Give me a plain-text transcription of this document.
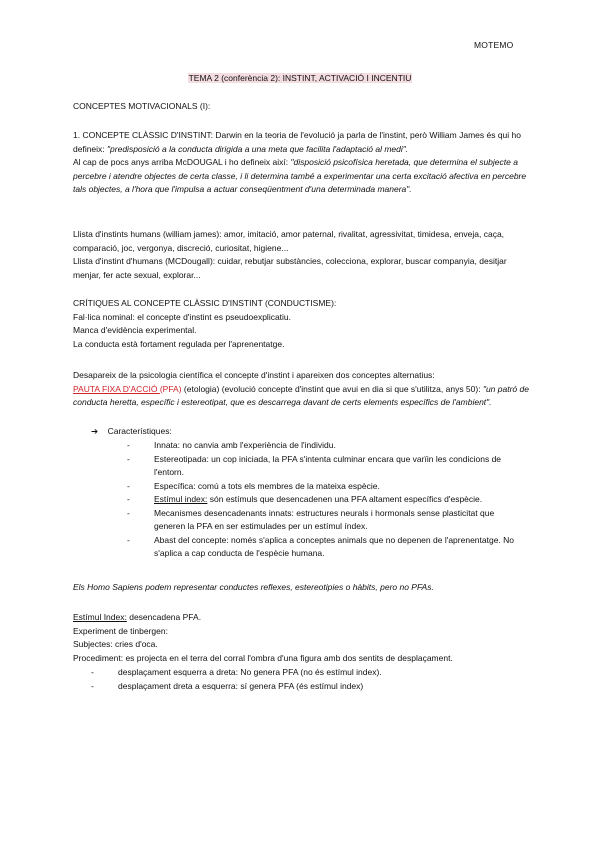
MOTEMO
TEMA 2 (conferència 2): INSTINT, ACTIVACIÓ I INCENTIU
CONCEPTES MOTIVACIONALS (I):

1. CONCEPTE CLÀSSIC D'INSTINT: Darwin en la teoria de l'evolució ja parla de l'instint, però William James és qui ho defineix: "predisposició a la conducta dirigida a una meta que facilita l'adaptació al medi".

Al cap de pocs anys arriba McDOUGAL i ho defineix així: "disposició psicofísica heretada, que determina el subjecte a percebre i atendre objectes de certa classe, i li determina també a experimentar una certa excitació afectiva en percebre tals objectes, a l'hora que l'impulsa a actuar conseqüentment d'una determinada manera".

Llista d'instints humans (william james): amor, imitació, amor paternal, rivalitat, agressivitat, timidesa, enveja, caça, comparació, joc, vergonya, discreció, curiositat, higiene...

Llista d'instint d'humans (MCDougall): cuidar, rebutjar substàncies, colecciona, explorar, buscar companyia, desitjar menjar, fer acte sexual, explorar...

CRÍTIQUES AL CONCEPTE CLÀSSIC D'INSTINT (CONDUCTISME):

Fal·lica nominal: el concepte d'instint es pseudoexplicatiu.

Manca d'evidència experimental.

La conducta està fortament regulada per l'aprenentatge.

Desapareix de la psicologia científica el concepte d'instint i apareixen dos conceptes alternatius:

PAUTA FIXA D'ACCIÓ (PFA) (etologia) (evolució concepte d'instint que avui en dia si que s'utilitza, anys 50): "un patró de conducta heretta, específic i estereotipat, que es descarrega davant de certs elements específics de l'ambient".

➔ Característiques:
- Innata: no canvia amb l'experiència de l'individu.
- Estereotipada: un cop iniciada, la PFA s'intenta culminar encara que varïin les condicions de l'entorn.
- Específica: comú a tots els membres de la mateixa espècie.
- Estímul index: són estímuls que desencadenen una PFA altament específics d'espècie.
- Mecanismes desencadenants innats: estructures neurals i hormonals sense plasticitat que generen la PFA en ser estimulades per un estímul índex.
- Abast del concepte: només s'aplica a conceptes animals que no depenen de l'aprenentatge. No s'aplica a cap conducta de l'espècie humana.
Els Homo Sapiens podem representar conductes reflexes, estereotipies o hàbits, pero no PFAs.

Estímul Index: desencadena PFA.

Experiment de tinbergen:

Subjectes: cries d'oca.

Procediment: es projecta en el terra del corral l'ombra d'una figura amb dos sentits de desplaçament.

- desplaçament esquerra a dreta: No genera PFA (no és estímul index).
- desplaçament dreta a esquerra: sí genera PFA (és estímul index)
